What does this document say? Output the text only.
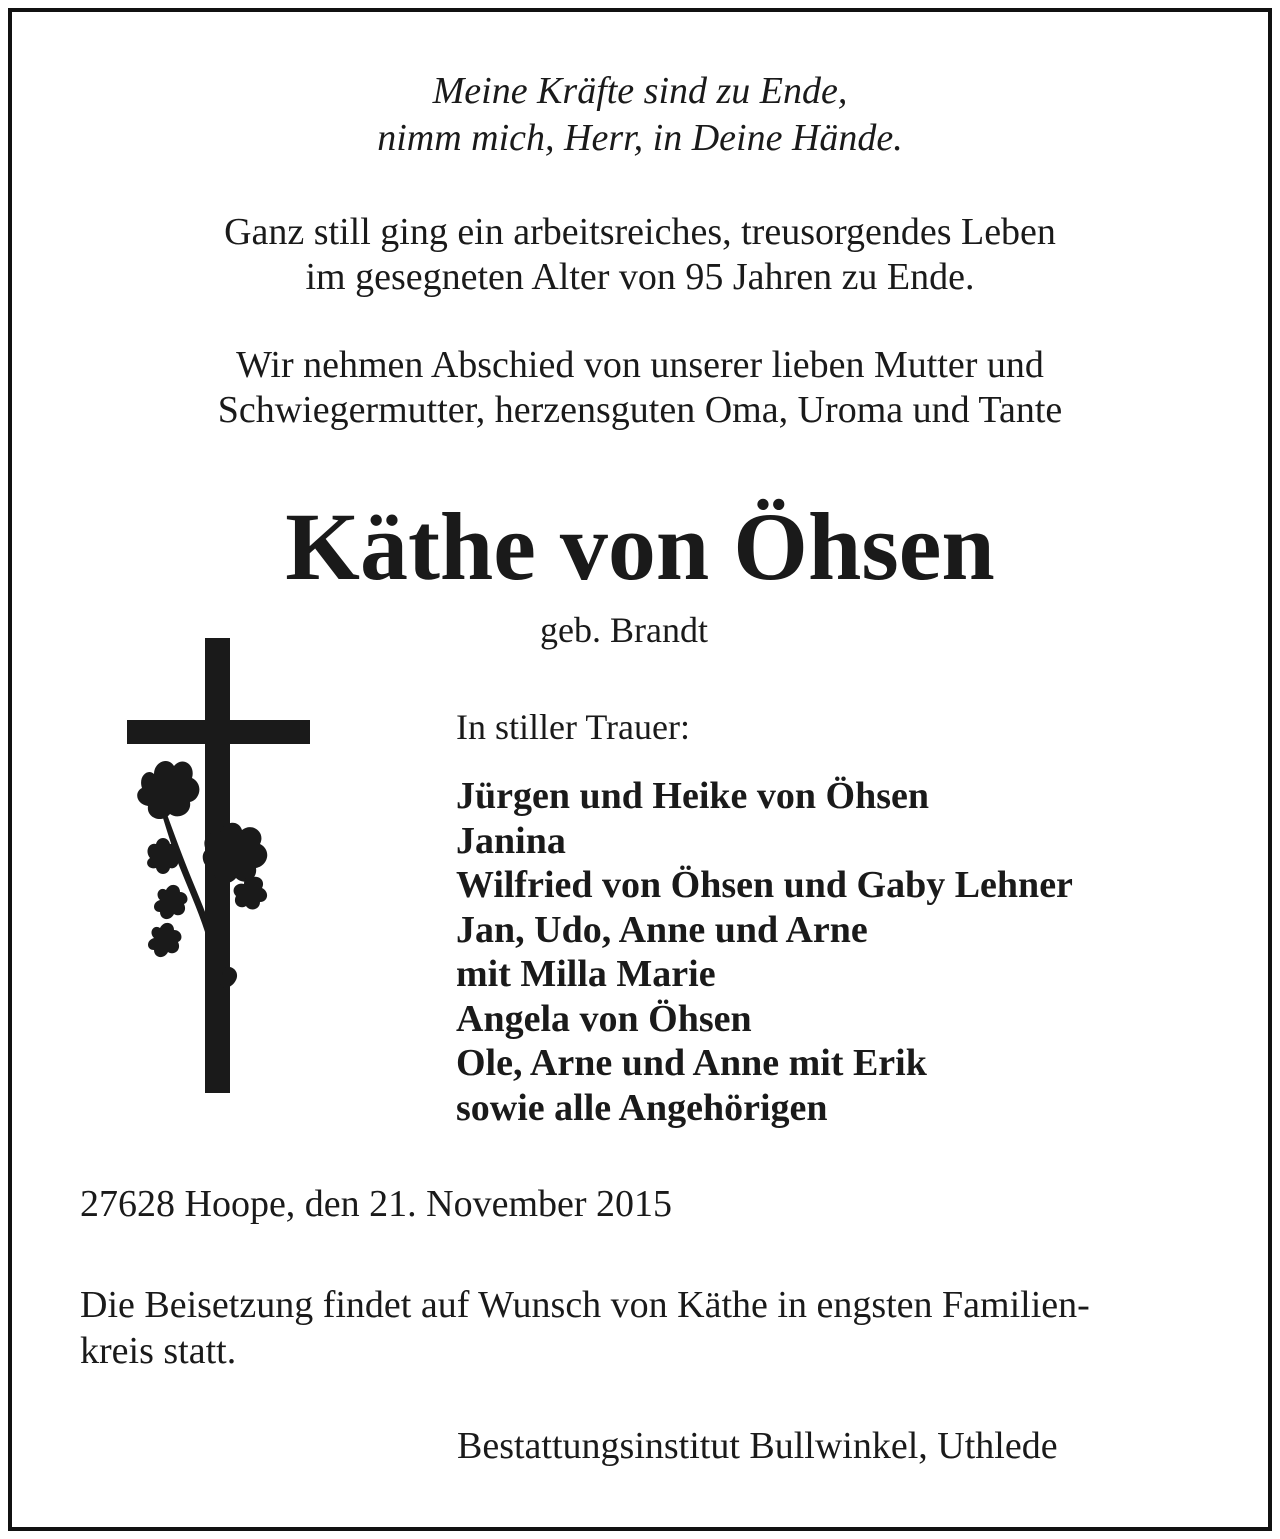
Meine Kräfte sind zu Ende,
nimm mich, Herr, in Deine Hände.
Ganz still ging ein arbeitsreiches, treusorgendes Leben
im gesegneten Alter von 95 Jahren zu Ende.
Wir nehmen Abschied von unserer lieben Mutter und
Schwiegermutter, herzensguten Oma, Uroma und Tante
Käthe von Öhsen
geb. Brandt
In stiller Trauer:
Jürgen und Heike von Öhsen
Janina
Wilfried von Öhsen und Gaby Lehner
Jan, Udo, Anne und Arne
mit Milla Marie
Angela von Öhsen
Ole, Arne und Anne mit Erik
sowie alle Angehörigen
27628 Hoope, den 21. November 2015
Die Beisetzung findet auf Wunsch von Käthe in engsten Familien-
kreis statt.
Bestattungsinstitut Bullwinkel, Uthlede
